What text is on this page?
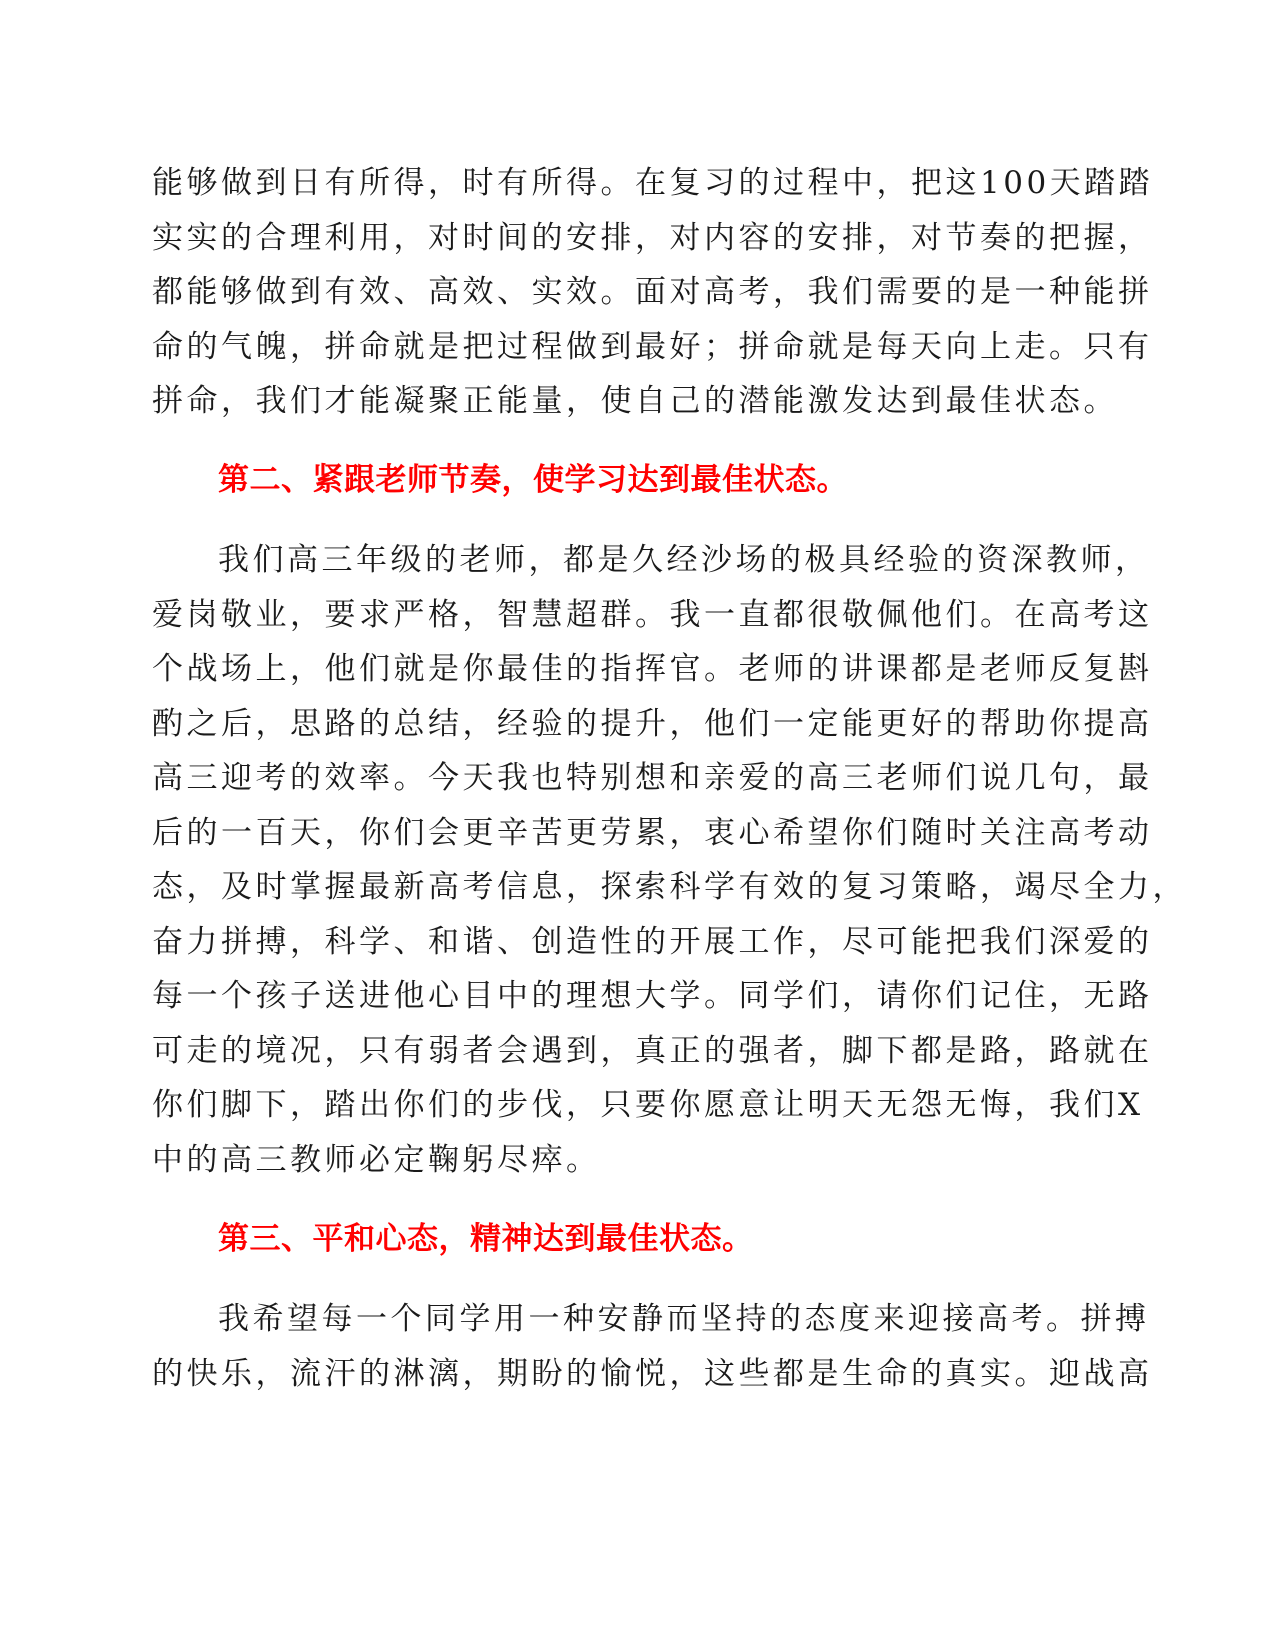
能够做到日有所得，时有所得。在复习的过程中，把这100天踏踏
实实的合理利用，对时间的安排，对内容的安排，对节奏的把握，
都能够做到有效、高效、实效。面对高考，我们需要的是一种能拼
命的气魄，拼命就是把过程做到最好；拼命就是每天向上走。只有
拼命，我们才能凝聚正能量，使自己的潜能激发达到最佳状态。
第二、紧跟老师节奏，使学习达到最佳状态。
我们高三年级的老师，都是久经沙场的极具经验的资深教师，
爱岗敬业，要求严格，智慧超群。我一直都很敬佩他们。在高考这
个战场上，他们就是你最佳的指挥官。老师的讲课都是老师反复斟
酌之后，思路的总结，经验的提升，他们一定能更好的帮助你提高
高三迎考的效率。今天我也特别想和亲爱的高三老师们说几句，最
后的一百天，你们会更辛苦更劳累，衷心希望你们随时关注高考动
态，及时掌握最新高考信息，探索科学有效的复习策略，竭尽全力，
奋力拼搏，科学、和谐、创造性的开展工作，尽可能把我们深爱的
每一个孩子送进他心目中的理想大学。同学们，请你们记住，无路
可走的境况，只有弱者会遇到，真正的强者，脚下都是路，路就在
你们脚下，踏出你们的步伐，只要你愿意让明天无怨无悔，我们X
中的高三教师必定鞠躬尽瘁。
第三、平和心态，精神达到最佳状态。
我希望每一个同学用一种安静而坚持的态度来迎接高考。拼搏
的快乐，流汗的淋漓，期盼的愉悦，这些都是生命的真实。迎战高
